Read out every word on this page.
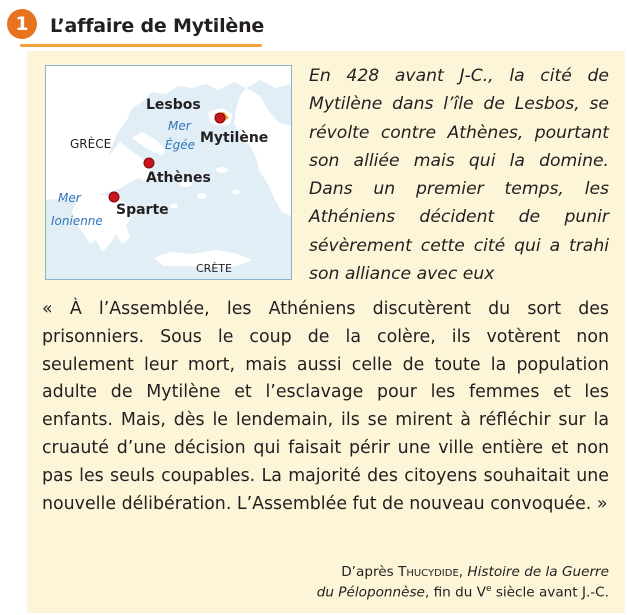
1	L’affaire de Mytilène
Lesbos
Mer
Égée Mytilène
GRÈCE
Athènes
Mer
Ionienne
Sparte
CRÈTE

En 428 avant J-C., la cité de Mytilène dans l’île de Lesbos, se révolte contre Athènes, pourtant son alliée mais qui la domine. Dans un premier temps, les Athéniens décident de punir sévèrement cette cité qui a trahi son alliance avec eux

« À l’Assemblée, les Athéniens discutèrent du sort des prisonniers. Sous le coup de la colère, ils votèrent non seulement leur mort, mais aussi celle de toute la population adulte de Mytilène et l’esclavage pour les femmes et les enfants. Mais, dès le lendemain, ils se mirent à réfléchir sur la cruauté d’une décision qui faisait périr une ville entière et non pas les seuls coupables. La majorité des citoyens souhaitait une nouvelle délibération. L’Assemblée fut de nouveau convoquée. »

D’après Thucydide, Histoire de la Guerre
du Péloponnèse, fin du Ve siècle avant J.-C.
